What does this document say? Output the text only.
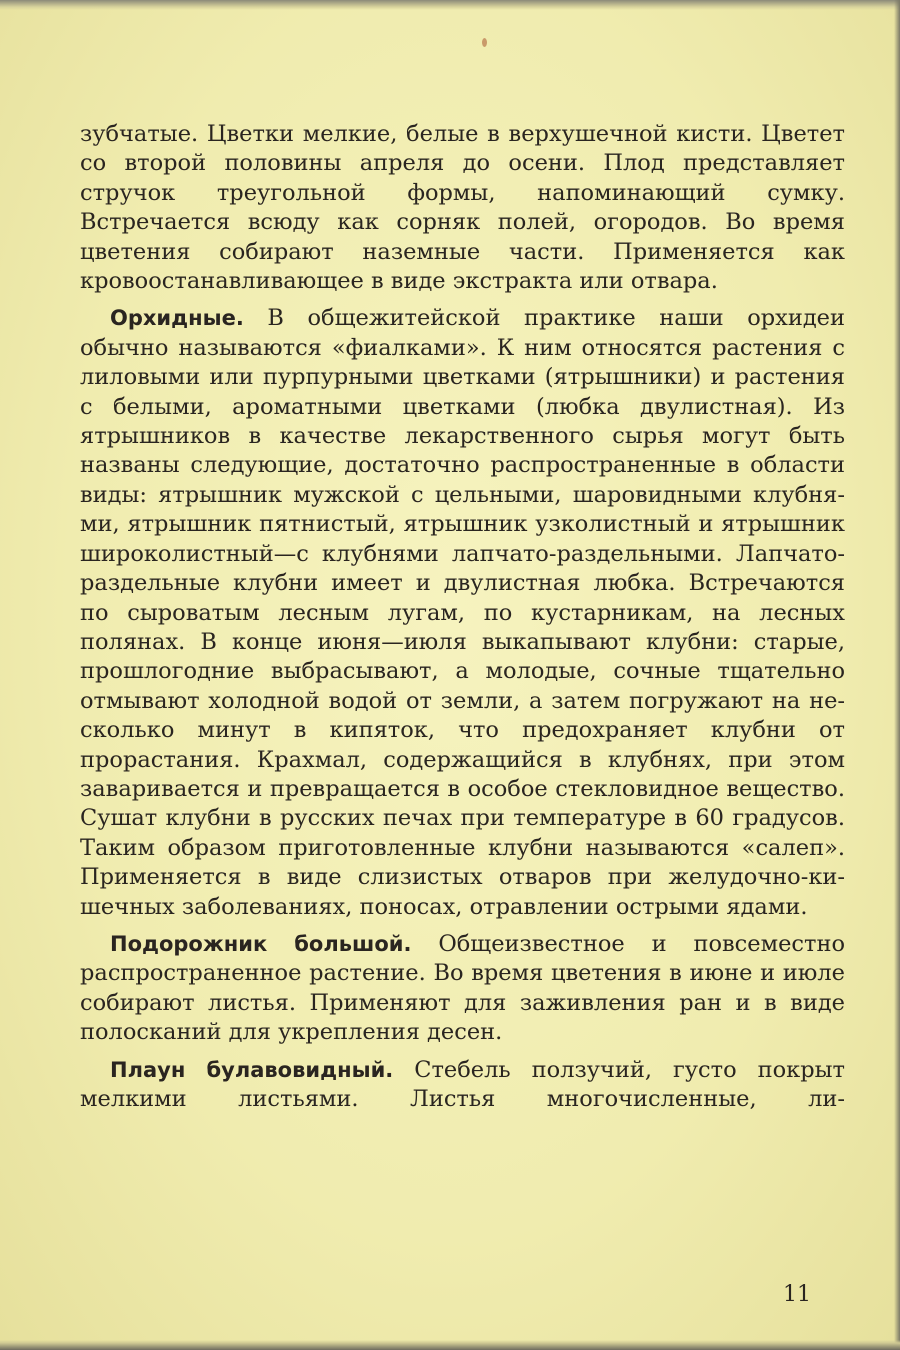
зубчатые. Цветки мелкие, белые в верхушечной кисти. Цветет со второй половины апреля до осени. Плод представляет стручок треугольной формы, напоминающий сумку. Встречается всюду как сорняк полей, огородов. Во время цветения собирают наземные части. Применяется как кровоостанавливающее в виде экстракта или отвара.

Орхидные. В общежитейской практике наши орхидеи обычно называются «фиалками». К ним относятся растения с лиловыми или пурпурными цветками (ятрышники) и растения с белыми, ароматными цветками (любка двулистная). Из ятрышников в качестве лекарственного сырья могут быть названы следующие, достаточно распространенные в области виды: ятрышник мужской с цельными, шаровидными клубнями, ятрышник пятнистый, ятрышник узколистный и ятрышник широколистный—с клубнями лапчато-раздельными. Лапчато-раздельные клубни имеет и двулистная любка. Встречаются по сыроватым лесным лугам, по кустарникам, на лесных полянах. В конце июня—июля выкапывают клубни: старые, прошлогодние выбрасывают, а молодые, сочные тщательно отмывают холодной водой от земли, а затем погружают на несколько минут в кипяток, что предохраняет клубни от прорастания. Крахмал, содержащийся в клубнях, при этом заваривается и превращается в особое стекловидное вещество. Сушат клубни в русских печах при температуре в 60 градусов. Таким образом приготовленные клубни называются «салеп». Применяется в виде слизистых отваров при желудочно-кишечных заболеваниях, поносах, отравлении острыми ядами.

Подорожник большой. Общеизвестное и повсеместно распространенное растение. Во время цветения в июне и июле собирают листья. Применяют для заживления ран и в виде полосканий для укрепления десен.

Плаун булавовидный. Стебель ползучий, густо покрыт мелкими листьями. Листья многочисленные, ли-

11
